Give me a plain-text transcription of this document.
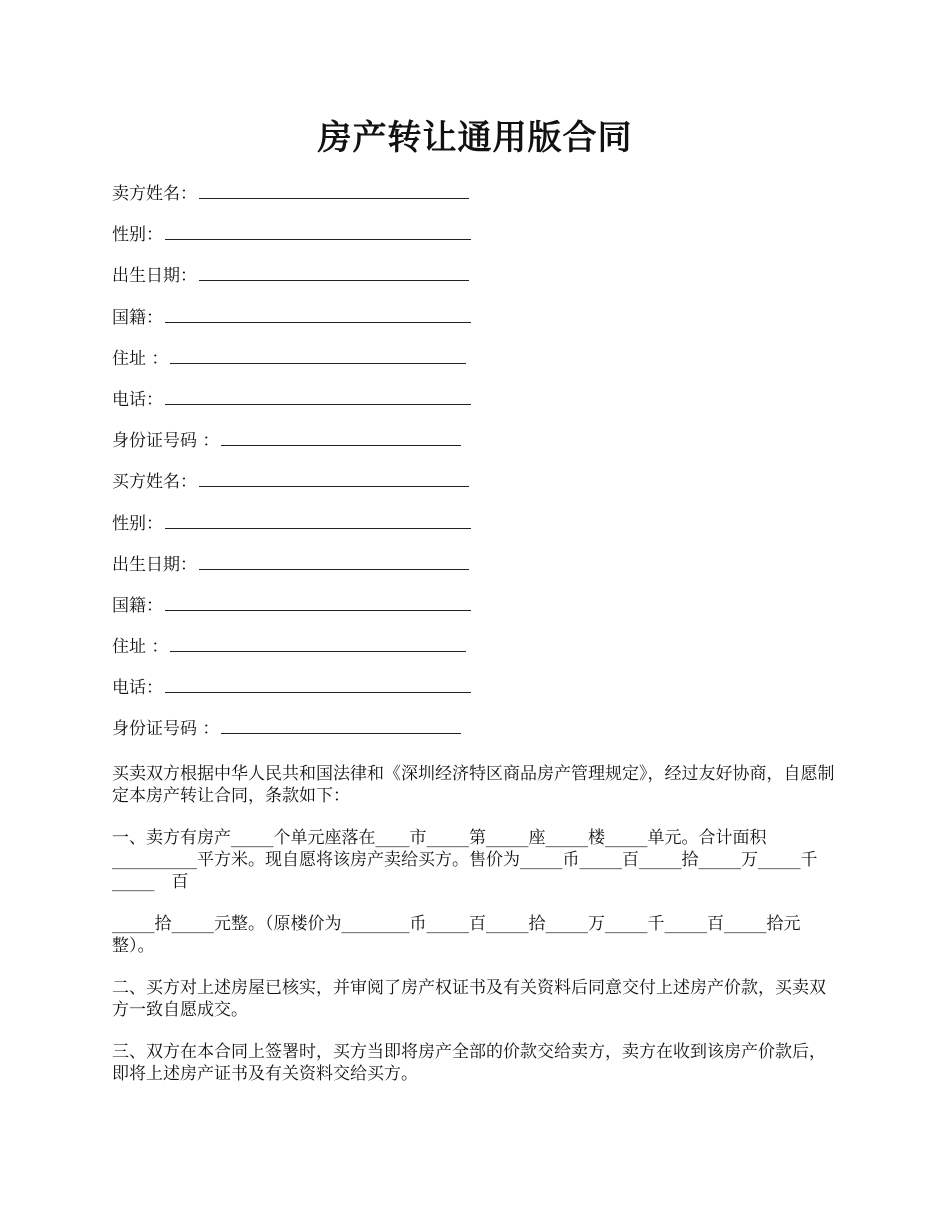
房产转让通用版合同
卖方姓名：
性别：
出生日期：
国籍：
住址 ：
电话：
身份证号码 ：
买方姓名：
性别：
出生日期：
国籍：
住址 ：
电话：
身份证号码 ：

买卖双方根据中华人民共和国法律和《深圳经济特区商品房产管理规定》，经过友好协商，自愿制定本房产转让合同，条款如下：

一、卖方有房产_____个单元座落在____市_____第_____座_____楼_____单元。合计面积__________平方米。现自愿将该房产卖给买方。售价为_____币_____百_____拾_____万_____千_____　百

_____拾_____元整。（原楼价为________币_____百_____拾_____万_____千_____百_____拾元整）。

二、买方对上述房屋已核实，并审阅了房产权证书及有关资料后同意交付上述房产价款，买卖双方一致自愿成交。

三、双方在本合同上签署时，买方当即将房产全部的价款交给卖方，卖方在收到该房产价款后，即将上述房产证书及有关资料交给买方。
